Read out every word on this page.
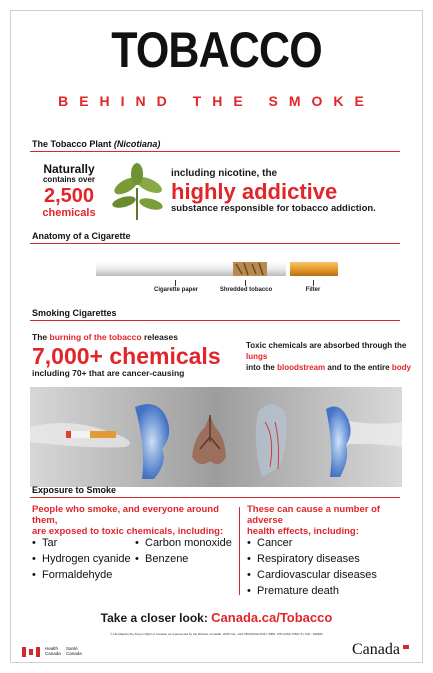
TOBACCO
BEHIND THE SMOKE
The Tobacco Plant (Nicotiana)
Naturally
contains over
2,500
chemicals
including nicotine, the
highly addictive
substance responsible for tobacco addiction.
Anatomy of a Cigarette
Cigarette paper	Shredded tobacco	Filter
Smoking Cigarettes
The burning of the tobacco releases
7,000+ chemicals
including 70+ that are cancer-causing
Toxic chemicals are absorbed through the lungs
into the bloodstream and to the entire body
Exposure to Smoke
People who smoke, and everyone around them,
are exposed to toxic chemicals, including:
• Tar
• Hydrogen cyanide
• Formaldehyde
• Carbon monoxide
• Benzene
These can cause a number of adverse
health effects, including:
• Cancer
• Respiratory diseases
• Cardiovascular diseases
• Premature death
Take a closer look: Canada.ca/Tobacco
© His Majesty the King in Right of Canada, as represented by the Minister of Health, 2025 Cat.: H14-387/2024E-PDF | ISBN: 978-0-660-73697-6 | Pub.: 180980
Health
Canada
Santé
Canada	Canada
